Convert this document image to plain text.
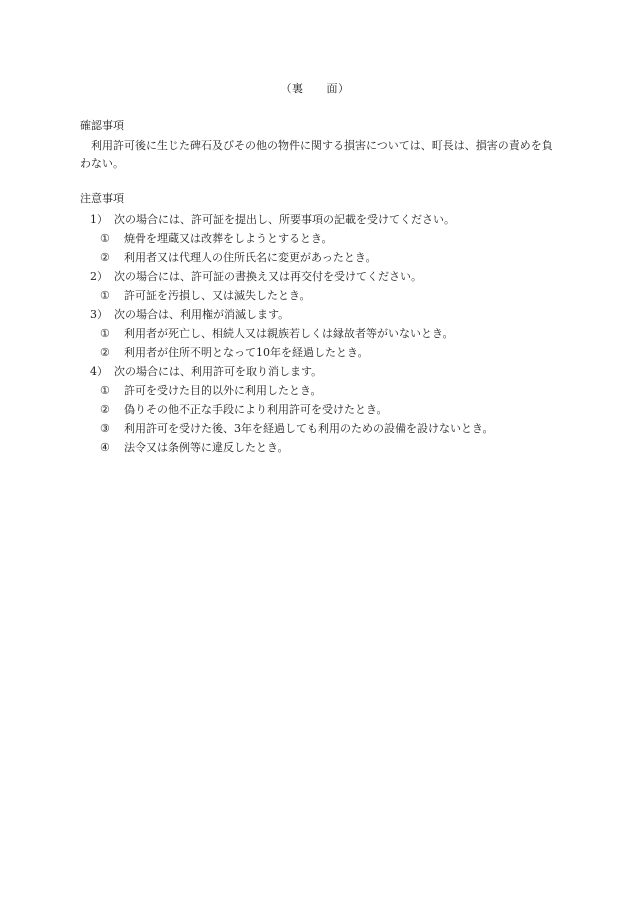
（裏　　面）
確認事項

利用許可後に生じた碑石及びその他の物件に関する損害については、町長は、損害の責めを負わない。

注意事項
1） 次の場合には、許可証を提出し、所要事項の記載を受けてください。
① 焼骨を埋蔵又は改葬をしようとするとき。
② 利用者又は代理人の住所氏名に変更があったとき。
2） 次の場合には、許可証の書換え又は再交付を受けてください。
① 許可証を汚損し、又は滅失したとき。
3） 次の場合は、利用権が消滅します。
① 利用者が死亡し、相続人又は親族若しくは縁故者等がいないとき。
② 利用者が住所不明となって10年を経過したとき。
4） 次の場合には、利用許可を取り消します。
① 許可を受けた目的以外に利用したとき。
② 偽りその他不正な手段により利用許可を受けたとき。
③ 利用許可を受けた後、3年を経過しても利用のための設備を設けないとき。
④ 法令又は条例等に違反したとき。
